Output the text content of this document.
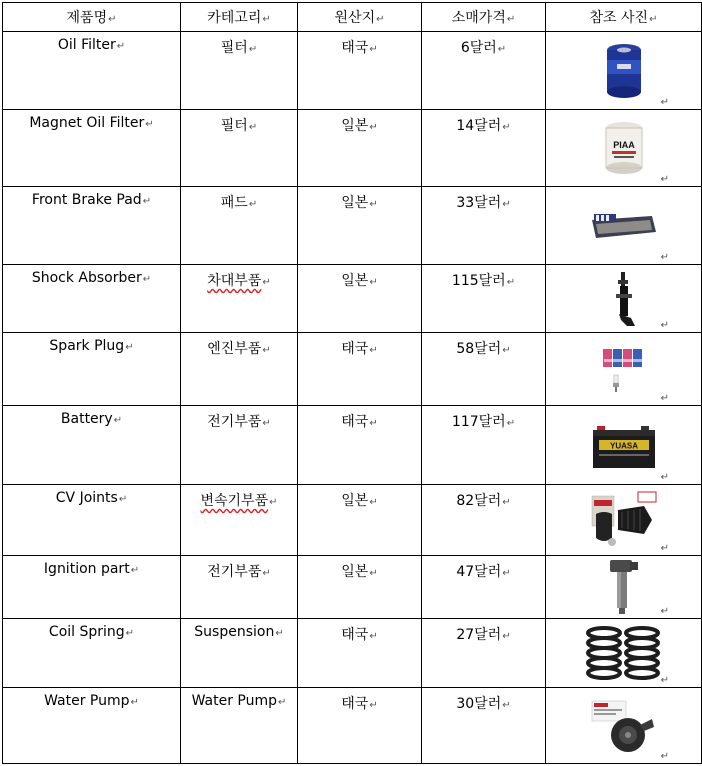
제품명↵	카테고리↵	원산지↵	소매가격↵	참조 사진↵
Oil Filter↵	필터↵	태국↵	6달러↵	↵

Magnet Oil Filter↵	필터↵	일본↵	14달러↵	PIAA
↵

Front Brake Pad↵	패드↵	일본↵	33달러↵	↵

Shock Absorber↵	차대부품↵	일본↵	115달러↵	↵

Spark Plug↵	엔진부품↵	태국↵	58달러↵	↵

Battery↵	전기부품↵	태국↵	117달러↵	YUASA
↵

CV Joints↵	변속기부품↵	일본↵	82달러↵	↵

Ignition part↵	전기부품↵	일본↵	47달러↵	↵

Coil Spring↵	Suspension↵	태국↵	27달러↵	↵

Water Pump↵	Water Pump↵	태국↵	30달러↵	↵
